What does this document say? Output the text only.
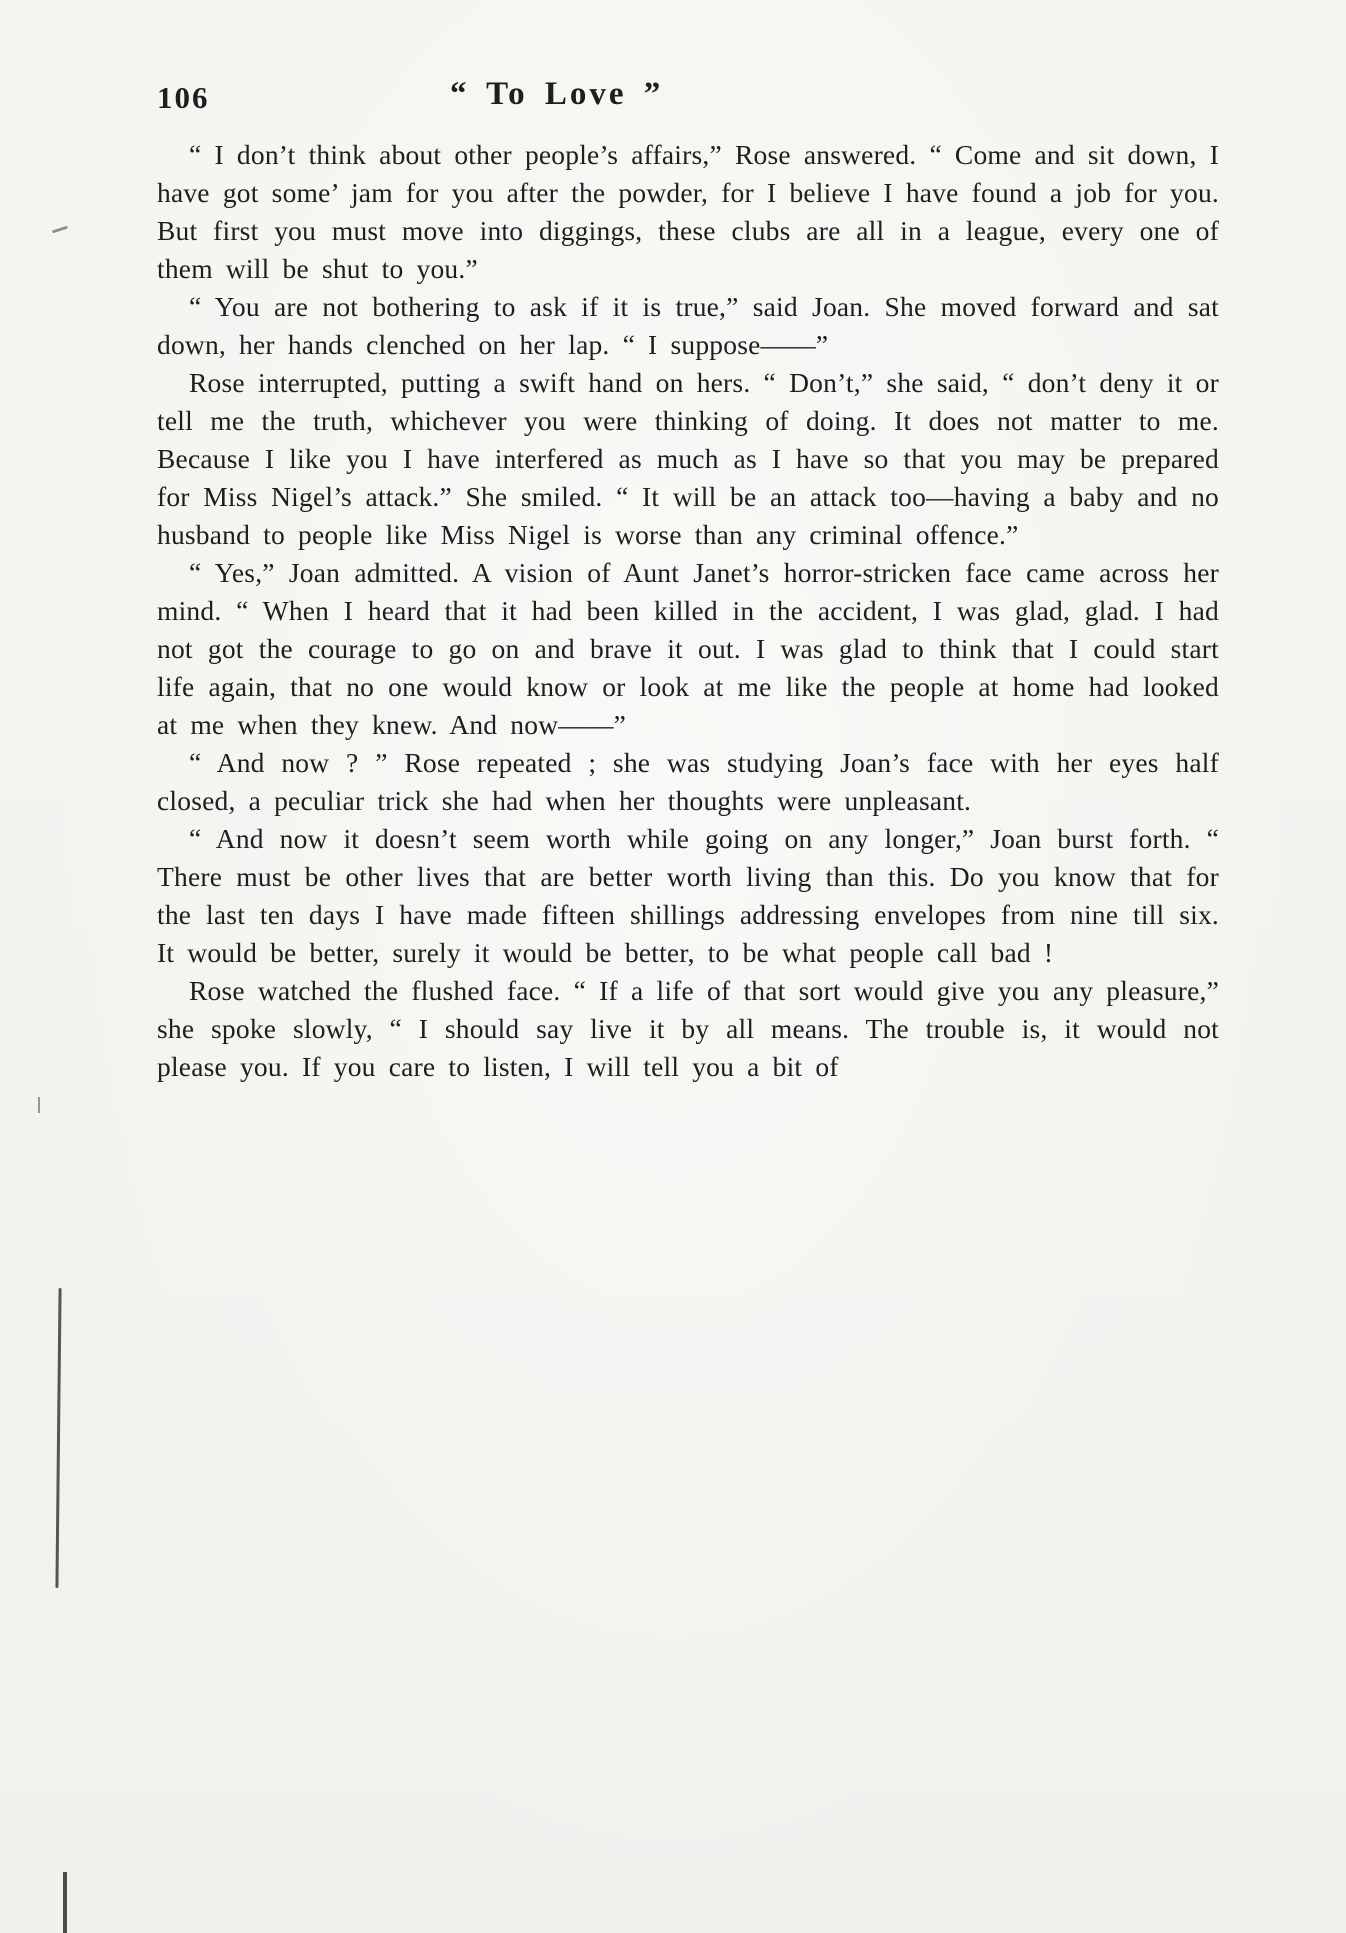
106	“ To Love ”

“ I don’t think about other people’s affairs,” Rose answered. “ Come and sit down, I have got some’ jam for you after the powder, for I believe I have found a job for you. But first you must move into diggings, these clubs are all in a league, every one of them will be shut to you.”

“ You are not bothering to ask if it is true,” said Joan. She moved forward and sat down, her hands clenched on her lap. “ I suppose——”

Rose interrupted, putting a swift hand on hers. “ Don’t,” she said, “ don’t deny it or tell me the truth, whichever you were thinking of doing. It does not matter to me. Because I like you I have interfered as much as I have so that you may be prepared for Miss Nigel’s attack.” She smiled. “ It will be an attack too—having a baby and no husband to people like Miss Nigel is worse than any criminal offence.”

“ Yes,” Joan admitted. A vision of Aunt Janet’s horror-stricken face came across her mind. “ When I heard that it had been killed in the accident, I was glad, glad. I had not got the courage to go on and brave it out. I was glad to think that I could start life again, that no one would know or look at me like the people at home had looked at me when they knew. And now——”

“ And now ? ” Rose repeated ; she was studying Joan’s face with her eyes half closed, a peculiar trick she had when her thoughts were unpleasant.

“ And now it doesn’t seem worth while going on any longer,” Joan burst forth. “ There must be other lives that are better worth living than this. Do you know that for the last ten days I have made fifteen shillings addressing envelopes from nine till six. It would be better, surely it would be better, to be what people call bad !

Rose watched the flushed face. “ If a life of that sort would give you any pleasure,” she spoke slowly, “ I should say live it by all means. The trouble is, it would not please you. If you care to listen, I will tell you a bit of
